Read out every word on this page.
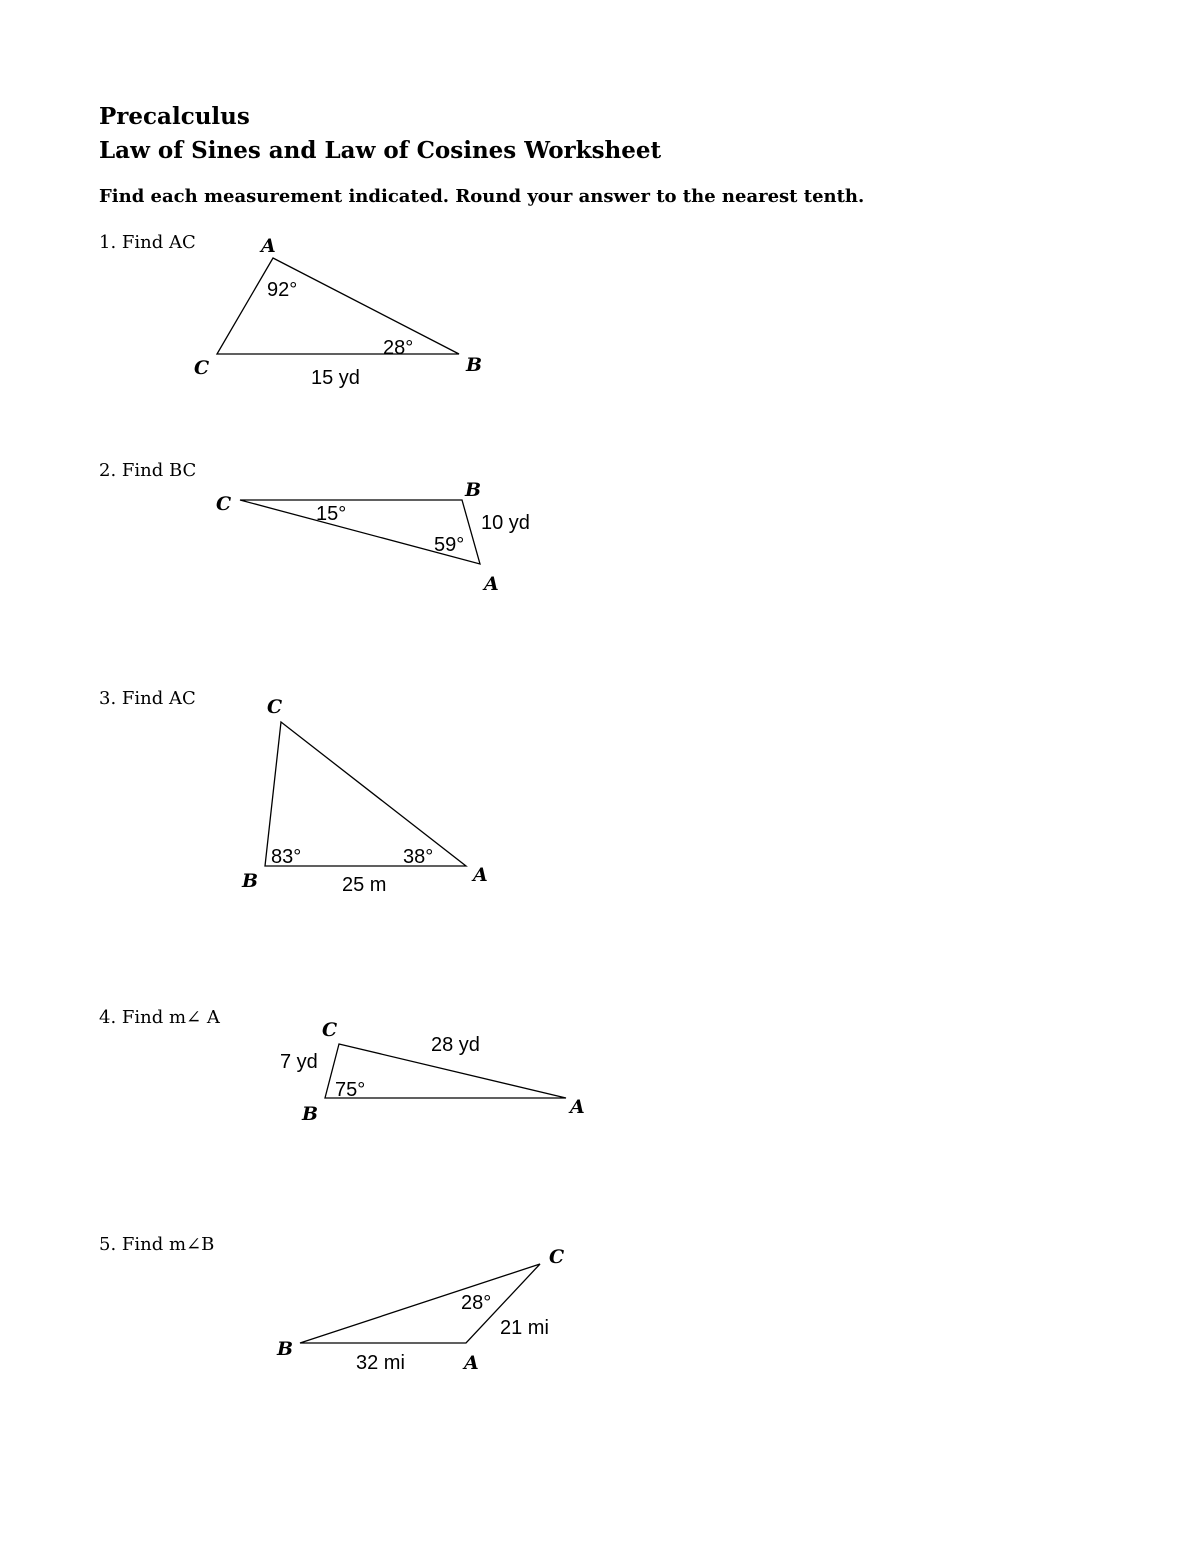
Precalculus
Law of Sines and Law of Cosines Worksheet
Find each measurement indicated. Round your answer to the nearest tenth.
1. Find AC
2. Find BC
3. Find AC
4. Find m∠ A
5. Find m∠B
A
B
C
92°
28°
15 yd
C
B
A
15°
59°
10 yd
C
B	A
83°	38°
25 m
C
B	A
7 yd
28 yd
75°
C
B
A
28°
21 mi
32 mi
